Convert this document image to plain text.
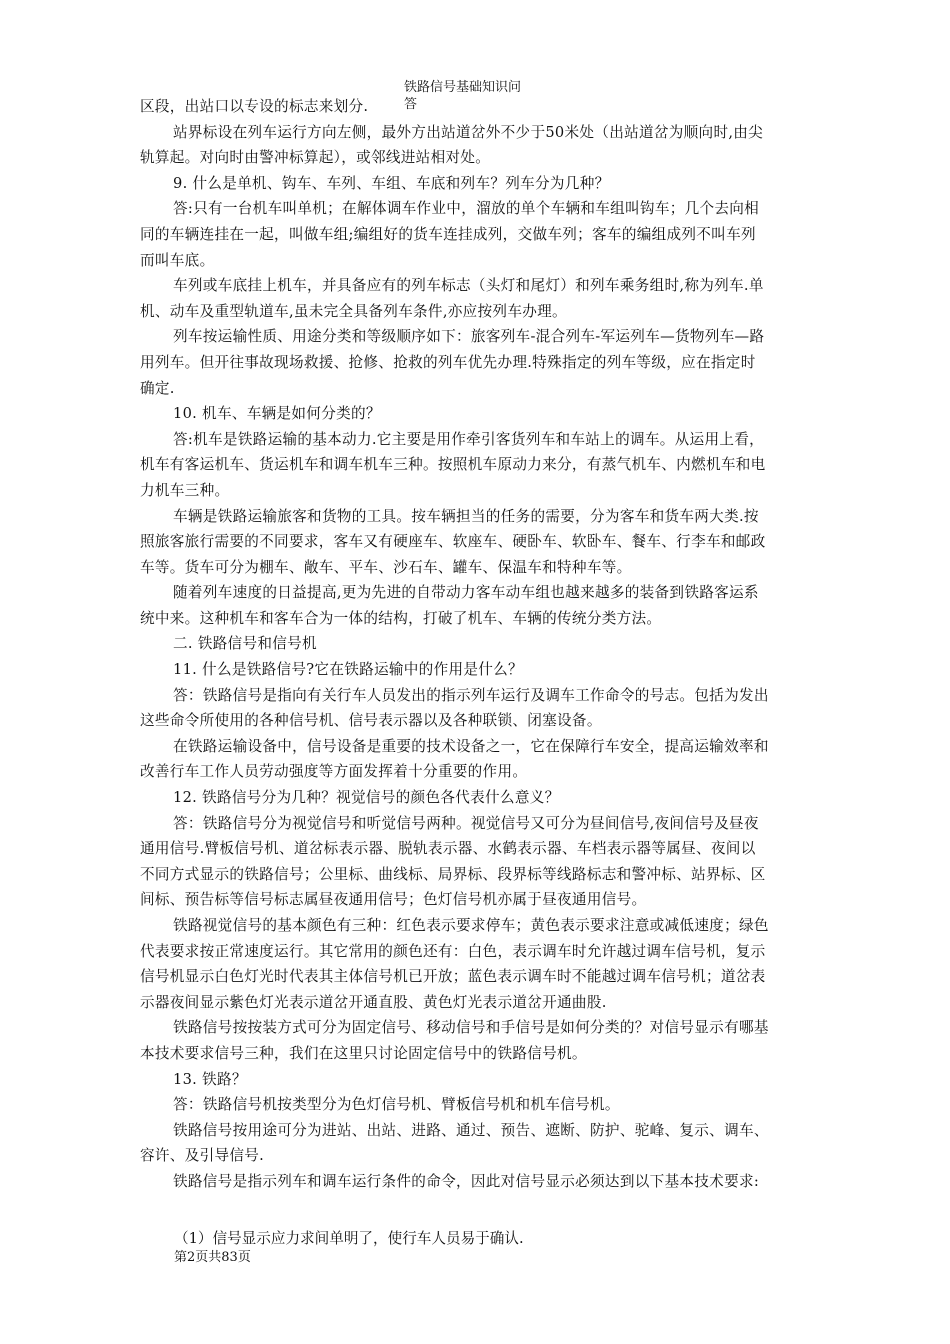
铁路信号基础知识问
答
区段，出站口以专设的标志来划分.
站界标设在列车运行方向左侧，最外方出站道岔外不少于50米处（出站道岔为顺向时,由尖
轨算起。对向时由警冲标算起），或邻线进站相对处。
9. 什么是单机、钩车、车列、车组、车底和列车？列车分为几种？
答:只有一台机车叫单机；在解体调车作业中，溜放的单个车辆和车组叫钩车；几个去向相
同的车辆连挂在一起，叫做车组;编组好的货车连挂成列，交做车列；客车的编组成列不叫车列
而叫车底。
车列或车底挂上机车，并具备应有的列车标志（头灯和尾灯）和列车乘务组时,称为列车.单
机、动车及重型轨道车,虽未完全具备列车条件,亦应按列车办理。
列车按运输性质、用途分类和等级顺序如下：旅客列车-混合列车-军运列车—货物列车—路
用列车。但开往事故现场救援、抢修、抢救的列车优先办理.特殊指定的列车等级，应在指定时
确定.
10. 机车、车辆是如何分类的？
答:机车是铁路运输的基本动力.它主要是用作牵引客货列车和车站上的调车。从运用上看，
机车有客运机车、货运机车和调车机车三种。按照机车原动力来分，有蒸气机车、内燃机车和电
力机车三种。
车辆是铁路运输旅客和货物的工具。按车辆担当的任务的需要，分为客车和货车两大类.按
照旅客旅行需要的不同要求，客车又有硬座车、软座车、硬卧车、软卧车、餐车、行李车和邮政
车等。货车可分为棚车、敞车、平车、沙石车、罐车、保温车和特种车等。
随着列车速度的日益提高,更为先进的自带动力客车动车组也越来越多的装备到铁路客运系
统中来。这种机车和客车合为一体的结构，打破了机车、车辆的传统分类方法。
二. 铁路信号和信号机
11. 什么是铁路信号?它在铁路运输中的作用是什么？
答：铁路信号是指向有关行车人员发出的指示列车运行及调车工作命令的号志。包括为发出
这些命令所使用的各种信号机、信号表示器以及各种联锁、闭塞设备。
在铁路运输设备中，信号设备是重要的技术设备之一，它在保障行车安全，提高运输效率和
改善行车工作人员劳动强度等方面发挥着十分重要的作用。
12. 铁路信号分为几种？视觉信号的颜色各代表什么意义？
答：铁路信号分为视觉信号和听觉信号两种。视觉信号又可分为昼间信号,夜间信号及昼夜
通用信号.臂板信号机、道岔标表示器、脱轨表示器、水鹤表示器、车档表示器等属昼、夜间以
不同方式显示的铁路信号；公里标、曲线标、局界标、段界标等线路标志和警冲标、站界标、区
间标、预告标等信号标志属昼夜通用信号；色灯信号机亦属于昼夜通用信号。
铁路视觉信号的基本颜色有三种：红色表示要求停车；黄色表示要求注意或减低速度；绿色
代表要求按正常速度运行。其它常用的颜色还有：白色，表示调车时允许越过调车信号机，复示
信号机显示白色灯光时代表其主体信号机已开放；蓝色表示调车时不能越过调车信号机；道岔表
示器夜间显示紫色灯光表示道岔开通直股、黄色灯光表示道岔开通曲股.
铁路信号按按装方式可分为固定信号、移动信号和手信号是如何分类的？对信号显示有哪基
本技术要求信号三种，我们在这里只讨论固定信号中的铁路信号机。
13. 铁路？
答：铁路信号机按类型分为色灯信号机、臂板信号机和机车信号机。
铁路信号按用途可分为进站、出站、进路、通过、预告、遮断、防护、驼峰、复示、调车、
容许、及引导信号.
铁路信号是指示列车和调车运行条件的命令，因此对信号显示必须达到以下基本技术要求:
（1）信号显示应力求间单明了，使行车人员易于确认.
第2页共83页
